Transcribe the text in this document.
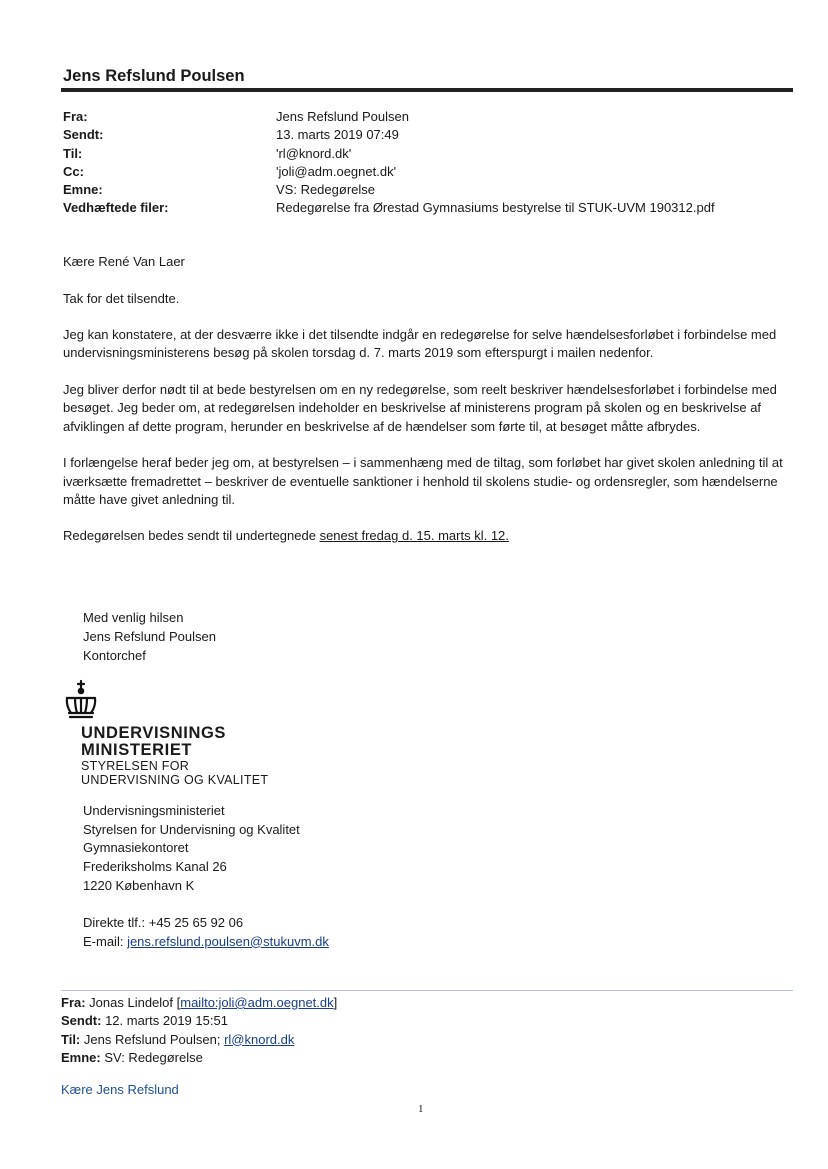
Jens Refslund Poulsen
Fra:	Jens Refslund Poulsen
Sendt:	13. marts 2019 07:49
Til:	'rl@knord.dk'
Cc:	'joli@adm.oegnet.dk'
Emne:	VS: Redegørelse
Vedhæftede filer:	Redegørelse fra Ørestad Gymnasiums bestyrelse til STUK-UVM 190312.pdf

Kære René Van Laer

Tak for det tilsendte.

Jeg kan konstatere, at der desværre ikke i det tilsendte indgår en redegørelse for selve hændelsesforløbet i forbindelse med undervisningsministerens besøg på skolen torsdag d. 7. marts 2019 som efterspurgt i mailen nedenfor.

Jeg bliver derfor nødt til at bede bestyrelsen om en ny redegørelse, som reelt beskriver hændelsesforløbet i forbindelse med besøget. Jeg beder om, at redegørelsen indeholder en beskrivelse af ministerens program på skolen og en beskrivelse af afviklingen af dette program, herunder en beskrivelse af de hændelser som førte til, at besøget måtte afbrydes.

I forlængelse heraf beder jeg om, at bestyrelsen – i sammenhæng med de tiltag, som forløbet har givet skolen anledning til at iværksætte fremadrettet – beskriver de eventuelle sanktioner i henhold til skolens studie- og ordensregler, som hændelserne måtte have givet anledning til.

Redegørelsen bedes sendt til undertegnede senest fredag d. 15. marts kl. 12.

Med venlig hilsen
Jens Refslund Poulsen
Kontorchef
UNDERVISNINGS
MINISTERIET
STYRELSEN FOR
UNDERVISNING OG KVALITET
Undervisningsministeriet
Styrelsen for Undervisning og Kvalitet
Gymnasiekontoret
Frederiksholms Kanal 26
1220 København K
Direkte tlf.: +45 25 65 92 06
E-mail: jens.refslund.poulsen@stukuvm.dk
Fra: Jonas Lindelof [mailto:joli@adm.oegnet.dk]
Sendt: 12. marts 2019 15:51
Til: Jens Refslund Poulsen; rl@knord.dk
Emne: SV: Redegørelse
Kære Jens Refslund
1
